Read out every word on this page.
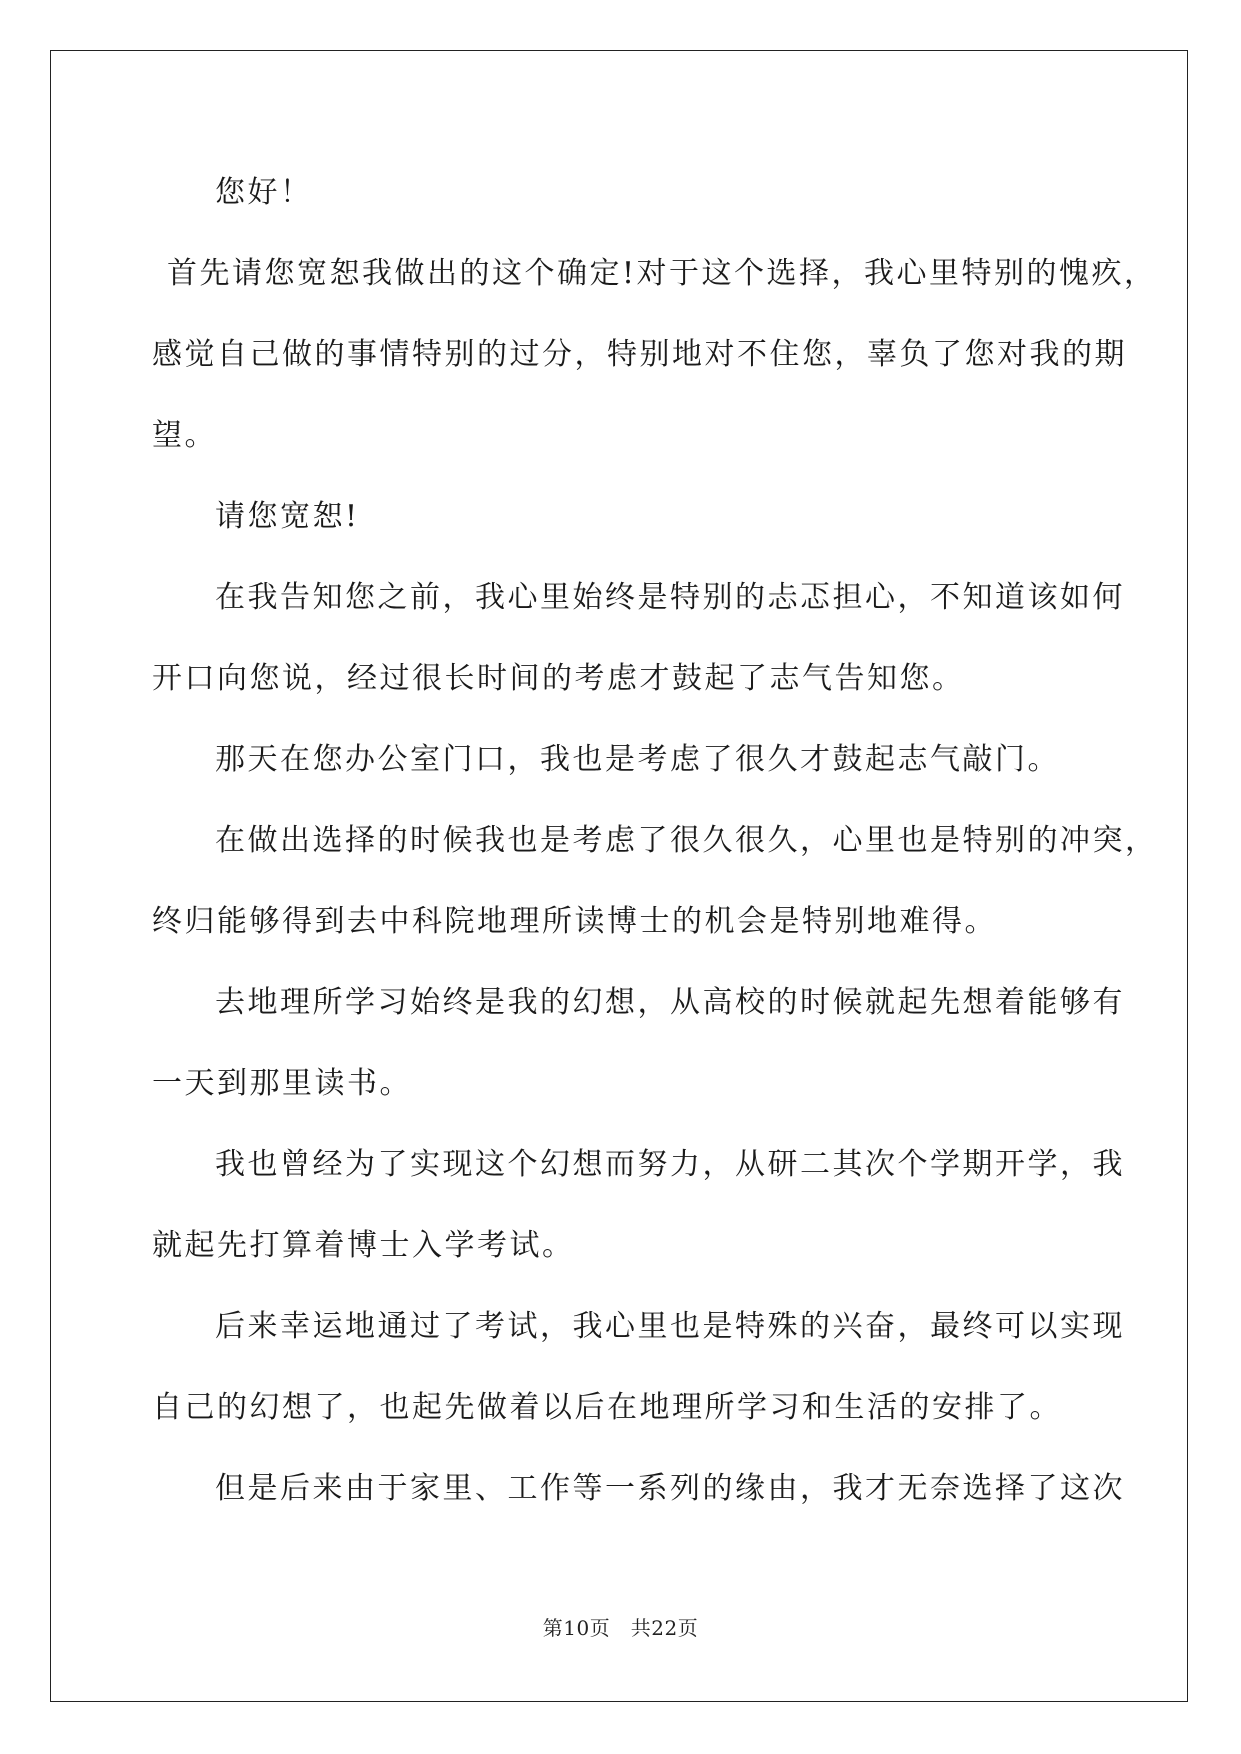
您好！
首先请您宽恕我做出的这个确定!对于这个选择，我心里特别的愧疚，
感觉自己做的事情特别的过分，特别地对不住您，辜负了您对我的期
望。
请您宽恕!
在我告知您之前，我心里始终是特别的忐忑担心，不知道该如何
开口向您说，经过很长时间的考虑才鼓起了志气告知您。
那天在您办公室门口，我也是考虑了很久才鼓起志气敲门。
在做出选择的时候我也是考虑了很久很久，心里也是特别的冲突，
终归能够得到去中科院地理所读博士的机会是特别地难得。
去地理所学习始终是我的幻想，从高校的时候就起先想着能够有
一天到那里读书。
我也曾经为了实现这个幻想而努力，从研二其次个学期开学，我
就起先打算着博士入学考试。
后来幸运地通过了考试，我心里也是特殊的兴奋，最终可以实现
自己的幻想了，也起先做着以后在地理所学习和生活的安排了。
但是后来由于家里、工作等一系列的缘由，我才无奈选择了这次
第10页　共22页
